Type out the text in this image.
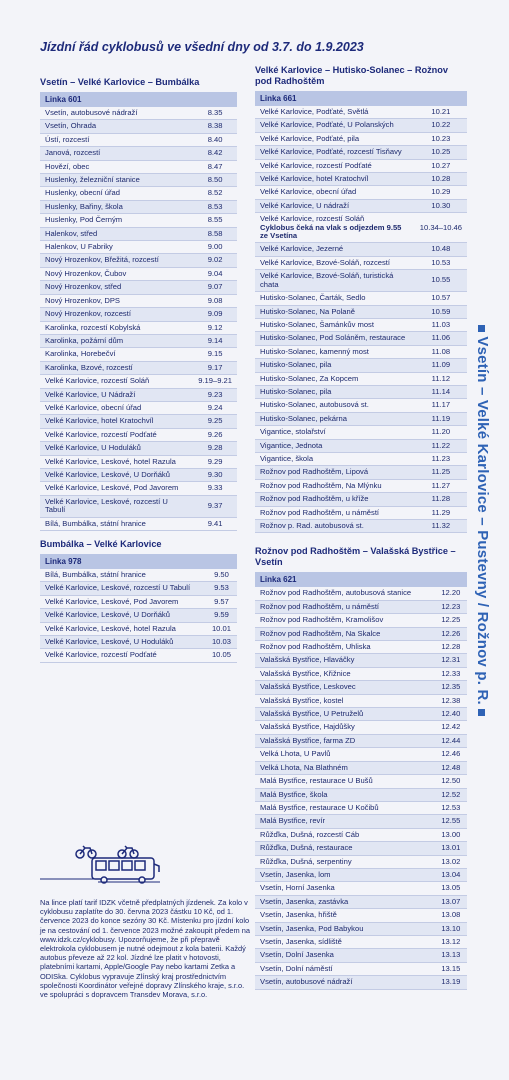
Jízdní řád cyklobusů ve všední dny od 3.7. do 1.9.2023
Vsetín – Velké Karlovice – Bumbálka
Linka 601
Vsetín, autobusové nádraží	8.35
Vsetín, Ohrada	8.38
Ústí, rozcestí	8.40
Janová, rozcestí	8.42
Hovězí, obec	8.47
Huslenky, železniční stanice	8.50
Huslenky, obecní úřad	8.52
Huslenky, Bařiny, škola	8.53
Huslenky, Pod Černým	8.55
Halenkov, střed	8.58
Halenkov, U Fabriky	9.00
Nový Hrozenkov, Břežitá, rozcestí	9.02
Nový Hrozenkov, Čubov	9.04
Nový Hrozenkov, střed	9.07
Nový Hrozenkov, DPS	9.08
Nový Hrozenkov, rozcestí	9.09
Karolinka, rozcestí Kobylská	9.12
Karolinka, požární dům	9.14
Karolinka, Horebečví	9.15
Karolinka, Bzové, rozcestí	9.17
Velké Karlovice, rozcestí Soláň	9.19–9.21
Velké Karlovice, U Nádraží	9.23
Velké Karlovice, obecní úřad	9.24
Velké Karlovice, hotel Kratochvíl	9.25
Velké Karlovice, rozcestí Podťaté	9.26
Velké Karlovice, U Hoduláků	9.28
Velké Karlovice, Leskové, hotel Razula	9.29
Velké Karlovice, Leskové, U Dorňáků	9.30
Velké Karlovice, Leskové, Pod Javorem	9.33
Velké Karlovice, Leskové, rozcestí U Tabulí	9.37
Bílá, Bumbálka, státní hranice	9.41
Bumbálka – Velké Karlovice
Linka 978
Bílá, Bumbálka, státní hranice	9.50
Velké Karlovice, Leskové, rozcestí U Tabulí	9.53
Velké Karlovice, Leskové, Pod Javorem	9.57
Velké Karlovice, Leskové, U Dorňáků	9.59
Velké Karlovice, Leskové, hotel Razula	10.01
Velké Karlovice, Leskové, U Hoduláků	10.03
Velké Karlovice, rozcestí Podťaté	10.05
Velké Karlovice – Hutisko-Solanec – Rožnov pod Radhoštěm
Linka 661
Velké Karlovice, Podťaté, Světlá	10.21
Velké Karlovice, Podťaté, U Polanských	10.22
Velké Karlovice, Podťaté, pila	10.23
Velké Karlovice, Podťaté, rozcestí Tisňavy	10.25
Velké Karlovice, rozcestí Podťaté	10.27
Velké Karlovice, hotel Kratochvíl	10.28
Velké Karlovice, obecní úřad	10.29
Velké Karlovice, U nádraží	10.30
Velké Karlovice, rozcestí Soláň
Cyklobus čeká na vlak s odjezdem 9.55 ze Vsetína	10.34–10.46
Velké Karlovice, Jezerné	10.48
Velké Karlovice, Bzové-Soláň, rozcestí	10.53
Velké Karlovice, Bzové-Soláň, turistická chata	10.55
Hutisko-Solanec, Čarták, Sedlo	10.57
Hutisko-Solanec, Na Polaně	10.59
Hutisko-Solanec, Šamánkův most	11.03
Hutisko-Solanec, Pod Soláněm, restaurace	11.06
Hutisko-Solanec, kamenný most	11.08
Hutisko-Solanec, pila	11.09
Hutisko-Solanec, Za Kopcem	11.12
Hutisko-Solanec, pila	11.14
Hutisko-Solanec, autobusová st.	11.17
Hutisko-Solanec, pekárna	11.19
Vigantice, stolařství	11.20
Vigantice, Jednota	11.22
Vigantice, škola	11.23
Rožnov pod Radhoštěm, Lipová	11.25
Rožnov pod Radhoštěm, Na Mlýnku	11.27
Rožnov pod Radhoštěm, u kříže	11.28
Rožnov pod Radhoštěm, u náměstí	11.29
Rožnov p. Rad. autobusová st.	11.32
Rožnov pod Radhoštěm – Valašská Bystřice – Vsetín
Linka 621
Rožnov pod Radhoštěm, autobusová stanice	12.20
Rožnov pod Radhoštěm, u náměstí	12.23
Rožnov pod Radhoštěm, Kramolišov	12.25
Rožnov pod Radhoštěm, Na Skalce	12.26
Rožnov pod Radhoštěm, Uhliska	12.28
Valašská Bystřice, Hlaváčky	12.31
Valašská Bystřice, Křižnice	12.33
Valašská Bystřice, Leskovec	12.35
Valašská Bystřice, kostel	12.38
Valašská Bystřice, U Petruželů	12.40
Valašská Bystřice, Hajdůšky	12.42
Valašská Bystřice, farma ZD	12.44
Velká Lhota, U Pavlů	12.46
Velká Lhota, Na Blathném	12.48
Malá Bystřice, restaurace U Bušů	12.50
Malá Bystřice, škola	12.52
Malá Bystřice, restaurace U Kočibů	12.53
Malá Bystřice, revír	12.55
Růžďka, Dušná, rozcestí Cáb	13.00
Růžďka, Dušná, restaurace	13.01
Růžďka, Dušná, serpentiny	13.02
Vsetín, Jasenka, lom	13.04
Vsetín, Horní Jasenka	13.05
Vsetín, Jasenka, zastávka	13.07
Vsetín, Jasenka, hřiště	13.08
Vsetín, Jasenka, Pod Babykou	13.10
Vsetín, Jasenka, sídliště	13.12
Vsetín, Dolní Jasenka	13.13
Vsetín, Dolní náměstí	13.15
Vsetín, autobusové nádraží	13.19
Vsetín – Velké Karlovice – Pustevny / Rožnov p. R.
Na lince platí tarif IDZK včetně předplatných jízdenek. Za kolo v cyklobusu zaplatíte do 30. června 2023 částku 10 Kč, od 1. července 2023 do konce sezóny 30 Kč. Místenku pro jízdní kolo je na cestování od 1. července 2023 možné zakoupit předem na www.idzk.cz/cyklobusy. Upozorňujeme, že při přepravě elektrokola cyklobusem je nutné odejmout z kola baterii. Každý autobus převeze až 22 kol. Jízdné lze platit v hotovosti, platebními kartami, Apple/Google Pay nebo kartami Zetka a ODISka. Cyklobus vypravuje Zlínský kraj prostřednictvím společnosti Koordinátor veřejné dopravy Zlínského kraje, s.r.o. ve spolupráci s dopravcem Transdev Morava, s.r.o.
